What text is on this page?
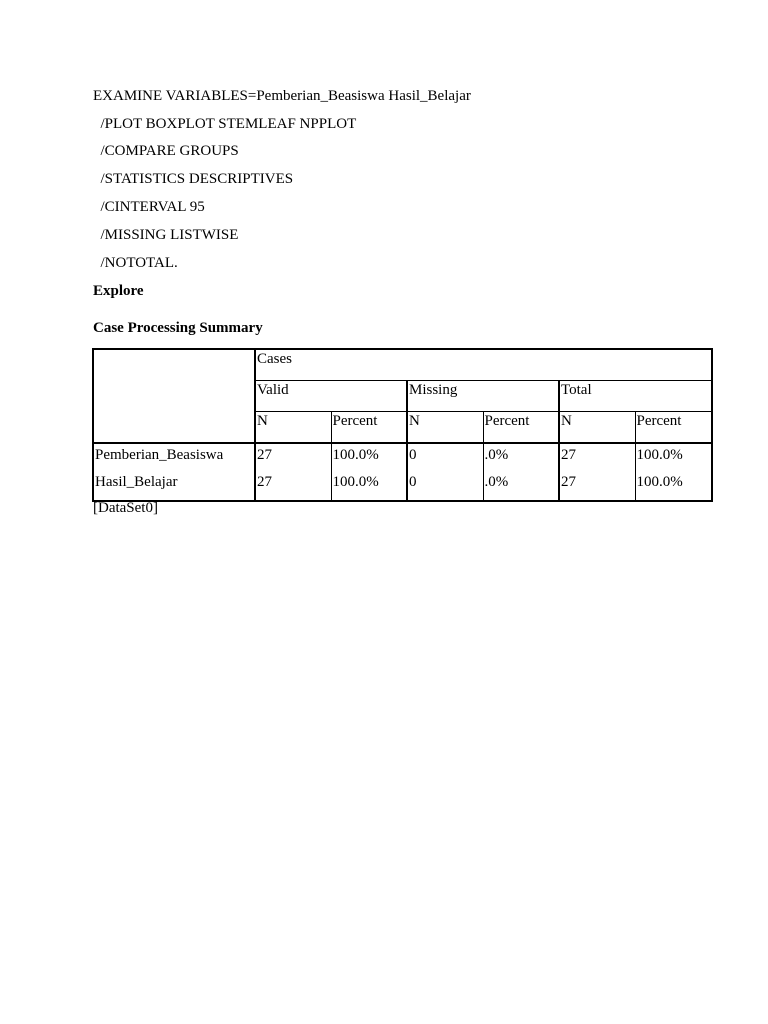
EXAMINE VARIABLES=Pemberian_Beasiswa Hasil_Belajar
/PLOT BOXPLOT STEMLEAF NPPLOT
/COMPARE GROUPS
/STATISTICS DESCRIPTIVES
/CINTERVAL 95
/MISSING LISTWISE
/NOTOTAL.
Explore
Case Processing Summary
	Cases					
	Valid		Missing		Total	
	N	Percent	N	Percent	N	Percent
Pemberian_Beasiswa	27	100.0%	0	.0%	27	100.0%
Hasil_Belajar	27	100.0%	0	.0%	27	100.0%
[DataSet0]
